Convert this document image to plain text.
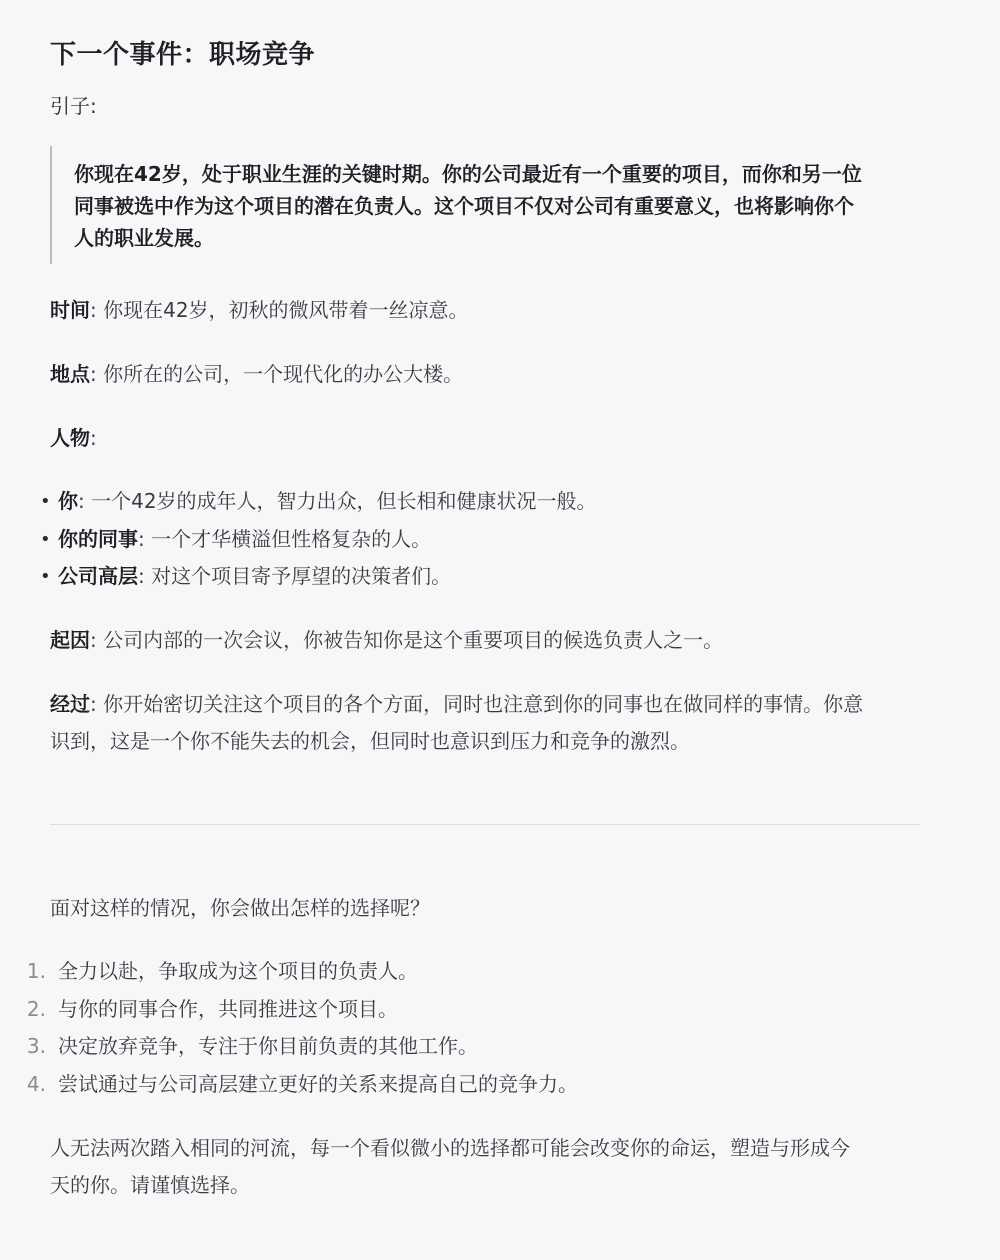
下一个事件：职场竞争
引子:
你现在42岁，处于职业生涯的关键时期。你的公司最近有一个重要的项目，而你和另一位
同事被选中作为这个项目的潜在负责人。这个项目不仅对公司有重要意义，也将影响你个
人的职业发展。

时间: 你现在42岁，初秋的微风带着一丝凉意。

地点: 你所在的公司，一个现代化的办公大楼。

人物:

• 你: 一个42岁的成年人，智力出众，但长相和健康状况一般。
• 你的同事: 一个才华横溢但性格复杂的人。
• 公司高层: 对这个项目寄予厚望的决策者们。

起因: 公司内部的一次会议，你被告知你是这个重要项目的候选负责人之一。

经过: 你开始密切关注这个项目的各个方面，同时也注意到你的同事也在做同样的事情。你意
识到，这是一个你不能失去的机会，但同时也意识到压力和竞争的激烈。

面对这样的情况，你会做出怎样的选择呢？

1. 全力以赴，争取成为这个项目的负责人。
2. 与你的同事合作，共同推进这个项目。
3. 决定放弃竞争，专注于你目前负责的其他工作。
4. 尝试通过与公司高层建立更好的关系来提高自己的竞争力。

人无法两次踏入相同的河流，每一个看似微小的选择都可能会改变你的命运，塑造与形成今
天的你。请谨慎选择。
